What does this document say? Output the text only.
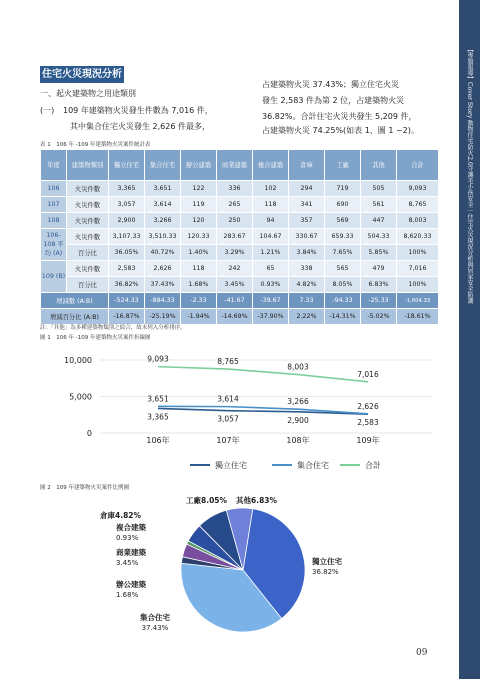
【專題報導】Cover Story 動物住宅防火2.0守護毛小孩安全｜住宅火災現況分析與居家安全防護
住宅火災現況分析
一、起火建築物之用途類別
(一) 109 年建築物火災發生件數為 7,016 件，
其中集合住宅火災發生 2,626 件最多，
占建築物火災 37.43%；獨立住宅火災
發生 2,583 件為第 2 位，占建築物火災
36.82%。合計住宅火災共發生 5,209 件，
占建築物火災 74.25%(如表 1、圖 1 ~2)。
表 1　106 年 -109 年建築物火災案件統計表
年度	建築物類別	獨立住宅	集合住宅	辦公建築	商業建築	複合建築	倉庫	工廠	其他	合計
106	火災件數	3,365	3,651	122	336	102	294	719	505	9,093
107	火災件數	3,057	3,614	119	265	118	341	690	561	8,765
108	火災件數	2,900	3,266	120	250	94	357	569	447	8,003
106-108 平均 (A)	火災件數	3,107.33	3,510.33	120.33	283.67	104.67	330.67	659.33	504.33	8,620.33
	百分比	36.05%	40.72%	1.40%	3.29%	1.21%	3.84%	7.65%	5.85%	100%
109 (B)	火災件數	2,583	2,626	118	242	65	338	565	479	7,016
	百分比	36.82%	37.43%	1.68%	3.45%	0.93%	4.82%	8.05%	6.83%	100%
增減數 (A:B)		-524.33	-884.33	-2.33	-41.67	-39.67	7.33	-94.33	-25.33	-1,604.33
增減百分比 (A:B)		-16.87%	-25.19%	-1.94%	-14.69%	-37.90%	2.22%	-14.31%	-5.02%	-18.61%
註：「其他」為多種建築物類別之綜合，故未列入分析排序。
圖 1　106 年 -109 年建築物火災案件折線圖
0
5,000
10,000
106年	107年	108年	109年
3,365	3,057	2,900	2,583
3,651	3,614	3,266
2,626
9,093	8,765
8,003
7,016
獨立住宅	集合住宅	合計
圖 2　109 年建築物火災案件比例圖
獨立住宅
36.82%
集合住宅
37.43%
辦公建築
1.68%
商業建築
3.45%
複合建築
0.93%
倉庫4.82%
工廠8.05% 其他6.83%
09
